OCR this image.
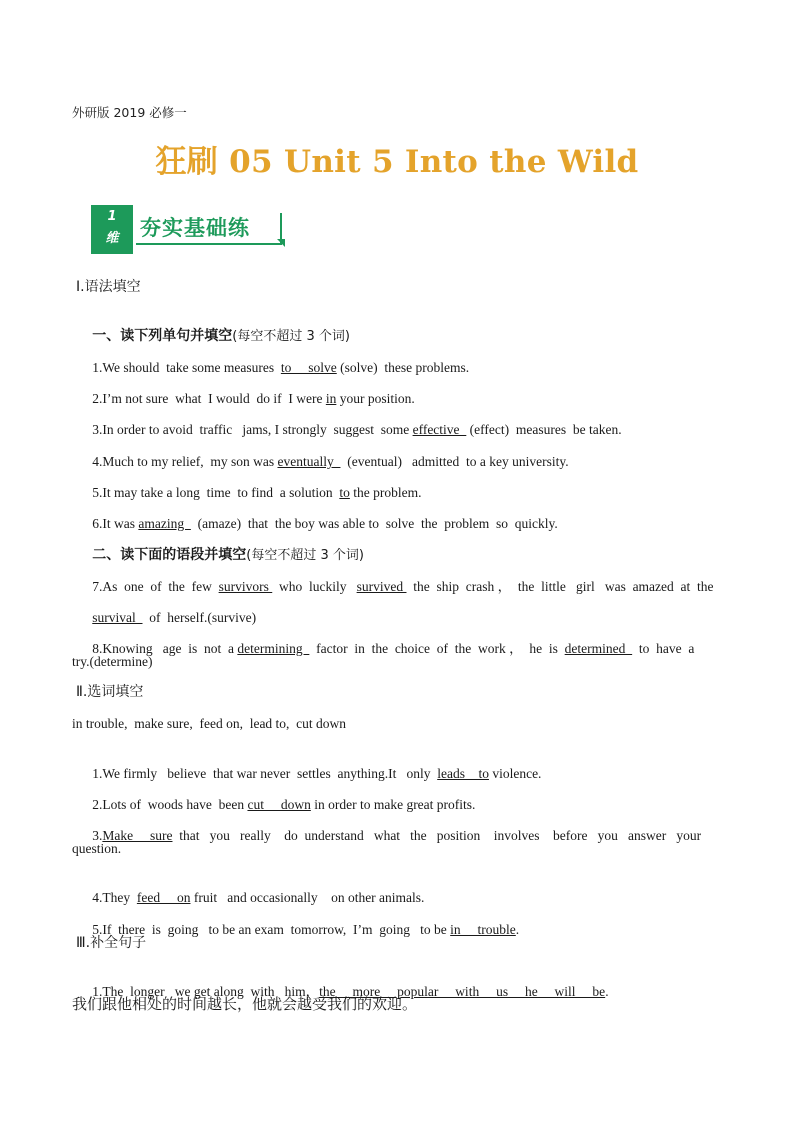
外研版 2019 必修一
狂刷 05 Unit 5 Into the Wild
1
维	夯实基础练
Ⅰ.语法填空

一、读下列单句并填空(每空不超过 3 个词)

1.We should  take some measures  to     solve (solve)  these problems.

2.I’m not sure  what  I would  do if  I were in your position.

3.In order to avoid  traffic   jams, I strongly  suggest  some effective   (effect)  measures  be taken.

4.Much to my relief,  my son was eventually    (eventual)   admitted  to a key university.

5.It may take a long  time  to find  a solution  to the problem.

6.It was amazing    (amaze)  that  the boy was able to  solve  the  problem  so  quickly.

二、读下面的语段并填空(每空不超过 3 个词)

7.As  one  of  the  few  survivors   who  luckily   survived   the  ship  crash ，  the  little   girl   was  amazed  at  the

survival    of  herself.(survive)

8.Knowing   age  is  not  a determining    factor  in  the  choice  of  the  work ，  he  is  determined    to  have  a

try.(determine)
Ⅱ.选词填空
in trouble,  make sure,  feed on,  lead to,  cut down

1.We firmly   believe  that war never  settles  anything.It   only  leads    to violence.

2.Lots of  woods have  been cut     down in order to make great profits.

3.Make     sure  that   you   really    do  understand   what   the   position    involves    before   you   answer   your

question.

4.They  feed     on fruit   and occasionally    on other animals.

5.If  there  is  going   to be an exam  tomorrow,  I’m  going   to be in     trouble.

Ⅲ.补全句子

1.The  longer   we get along  with   him，the     more     popular     with     us     he     will     be.

我们跟他相处的时间越长，他就会越受我们的欢迎。
